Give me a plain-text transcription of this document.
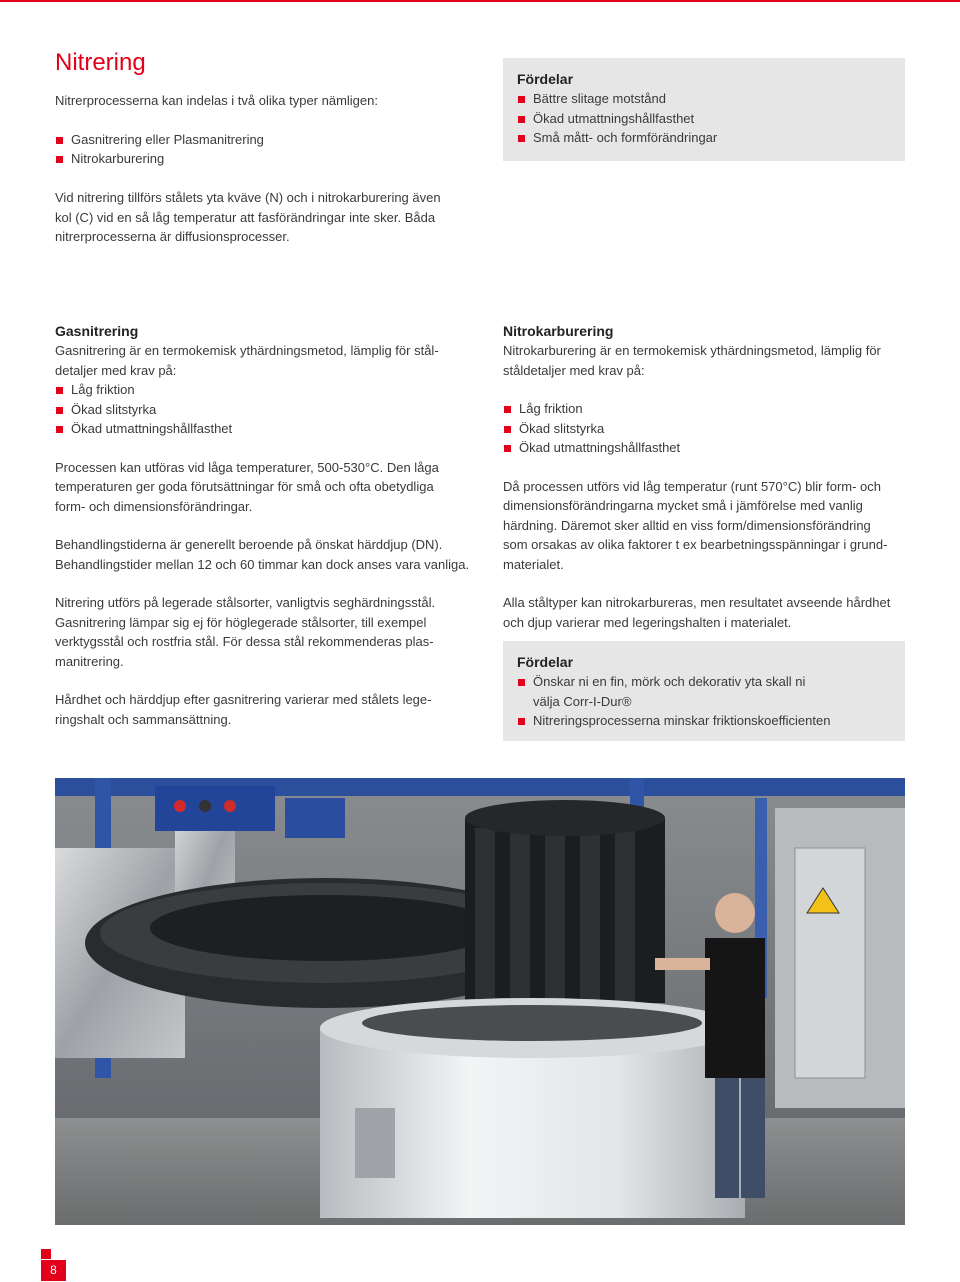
Nitrering

Nitrerprocesserna kan indelas i två olika typer nämligen:

Gasnitrering eller Plasmanitrering
Nitrokarburering
Fördelar
Bättre slitage motstånd
Ökad utmattningshållfasthet
Små mått- och formförändringar

Vid nitrering tillförs stålets yta kväve (N) och i nitrokarburering även

kol (C) vid en så låg temperatur att fasförändringar inte sker. Båda

nitrerprocesserna är diffusionsprocesser.

Gasnitrering

Gasnitrering är en termokemisk ythärdningsmetod, lämplig för stål-

detaljer med krav på:

Låg friktion
Ökad slitstyrka
Ökad utmattningshållfasthet

Processen kan utföras vid låga temperaturer, 500-530°C. Den låga

temperaturen ger goda förutsättningar för små och ofta obetydliga

form- och dimensionsförändringar.

Behandlingstiderna är generellt beroende på önskat härddjup (DN).

Behandlingstider mellan 12 och 60 timmar kan dock anses vara vanliga.

Nitrering utförs på legerade stålsorter, vanligtvis seghärdningsstål.

Gasnitrering lämpar sig ej för höglegerade stålsorter, till exempel

verktygsstål och rostfria stål. För dessa stål rekommenderas plas-

manitrering.

Hårdhet och härddjup efter gasnitrering varierar med stålets lege-

ringshalt och sammansättning.

Nitrokarburering

Nitrokarburering är en termokemisk ythärdningsmetod, lämplig för

ståldetaljer med krav på:

Låg friktion
Ökad slitstyrka
Ökad utmattningshållfasthet

Då processen utförs vid låg temperatur (runt 570°C) blir form- och

dimensionsförändringarna mycket små i jämförelse med vanlig

härdning. Däremot sker alltid en viss form/dimensionsförändring

som orsakas av olika faktorer t ex bearbetningsspänningar i grund-

materialet.

Alla ståltyper kan nitrokarbureras, men resultatet avseende hårdhet

och djup varierar med legeringshalten i materialet.

Fördelar
Önskar ni en fin, mörk och dekorativ yta skall ni
välja Corr-I-Dur®
Nitreringsprocesserna minskar friktionskoefficienten
8
